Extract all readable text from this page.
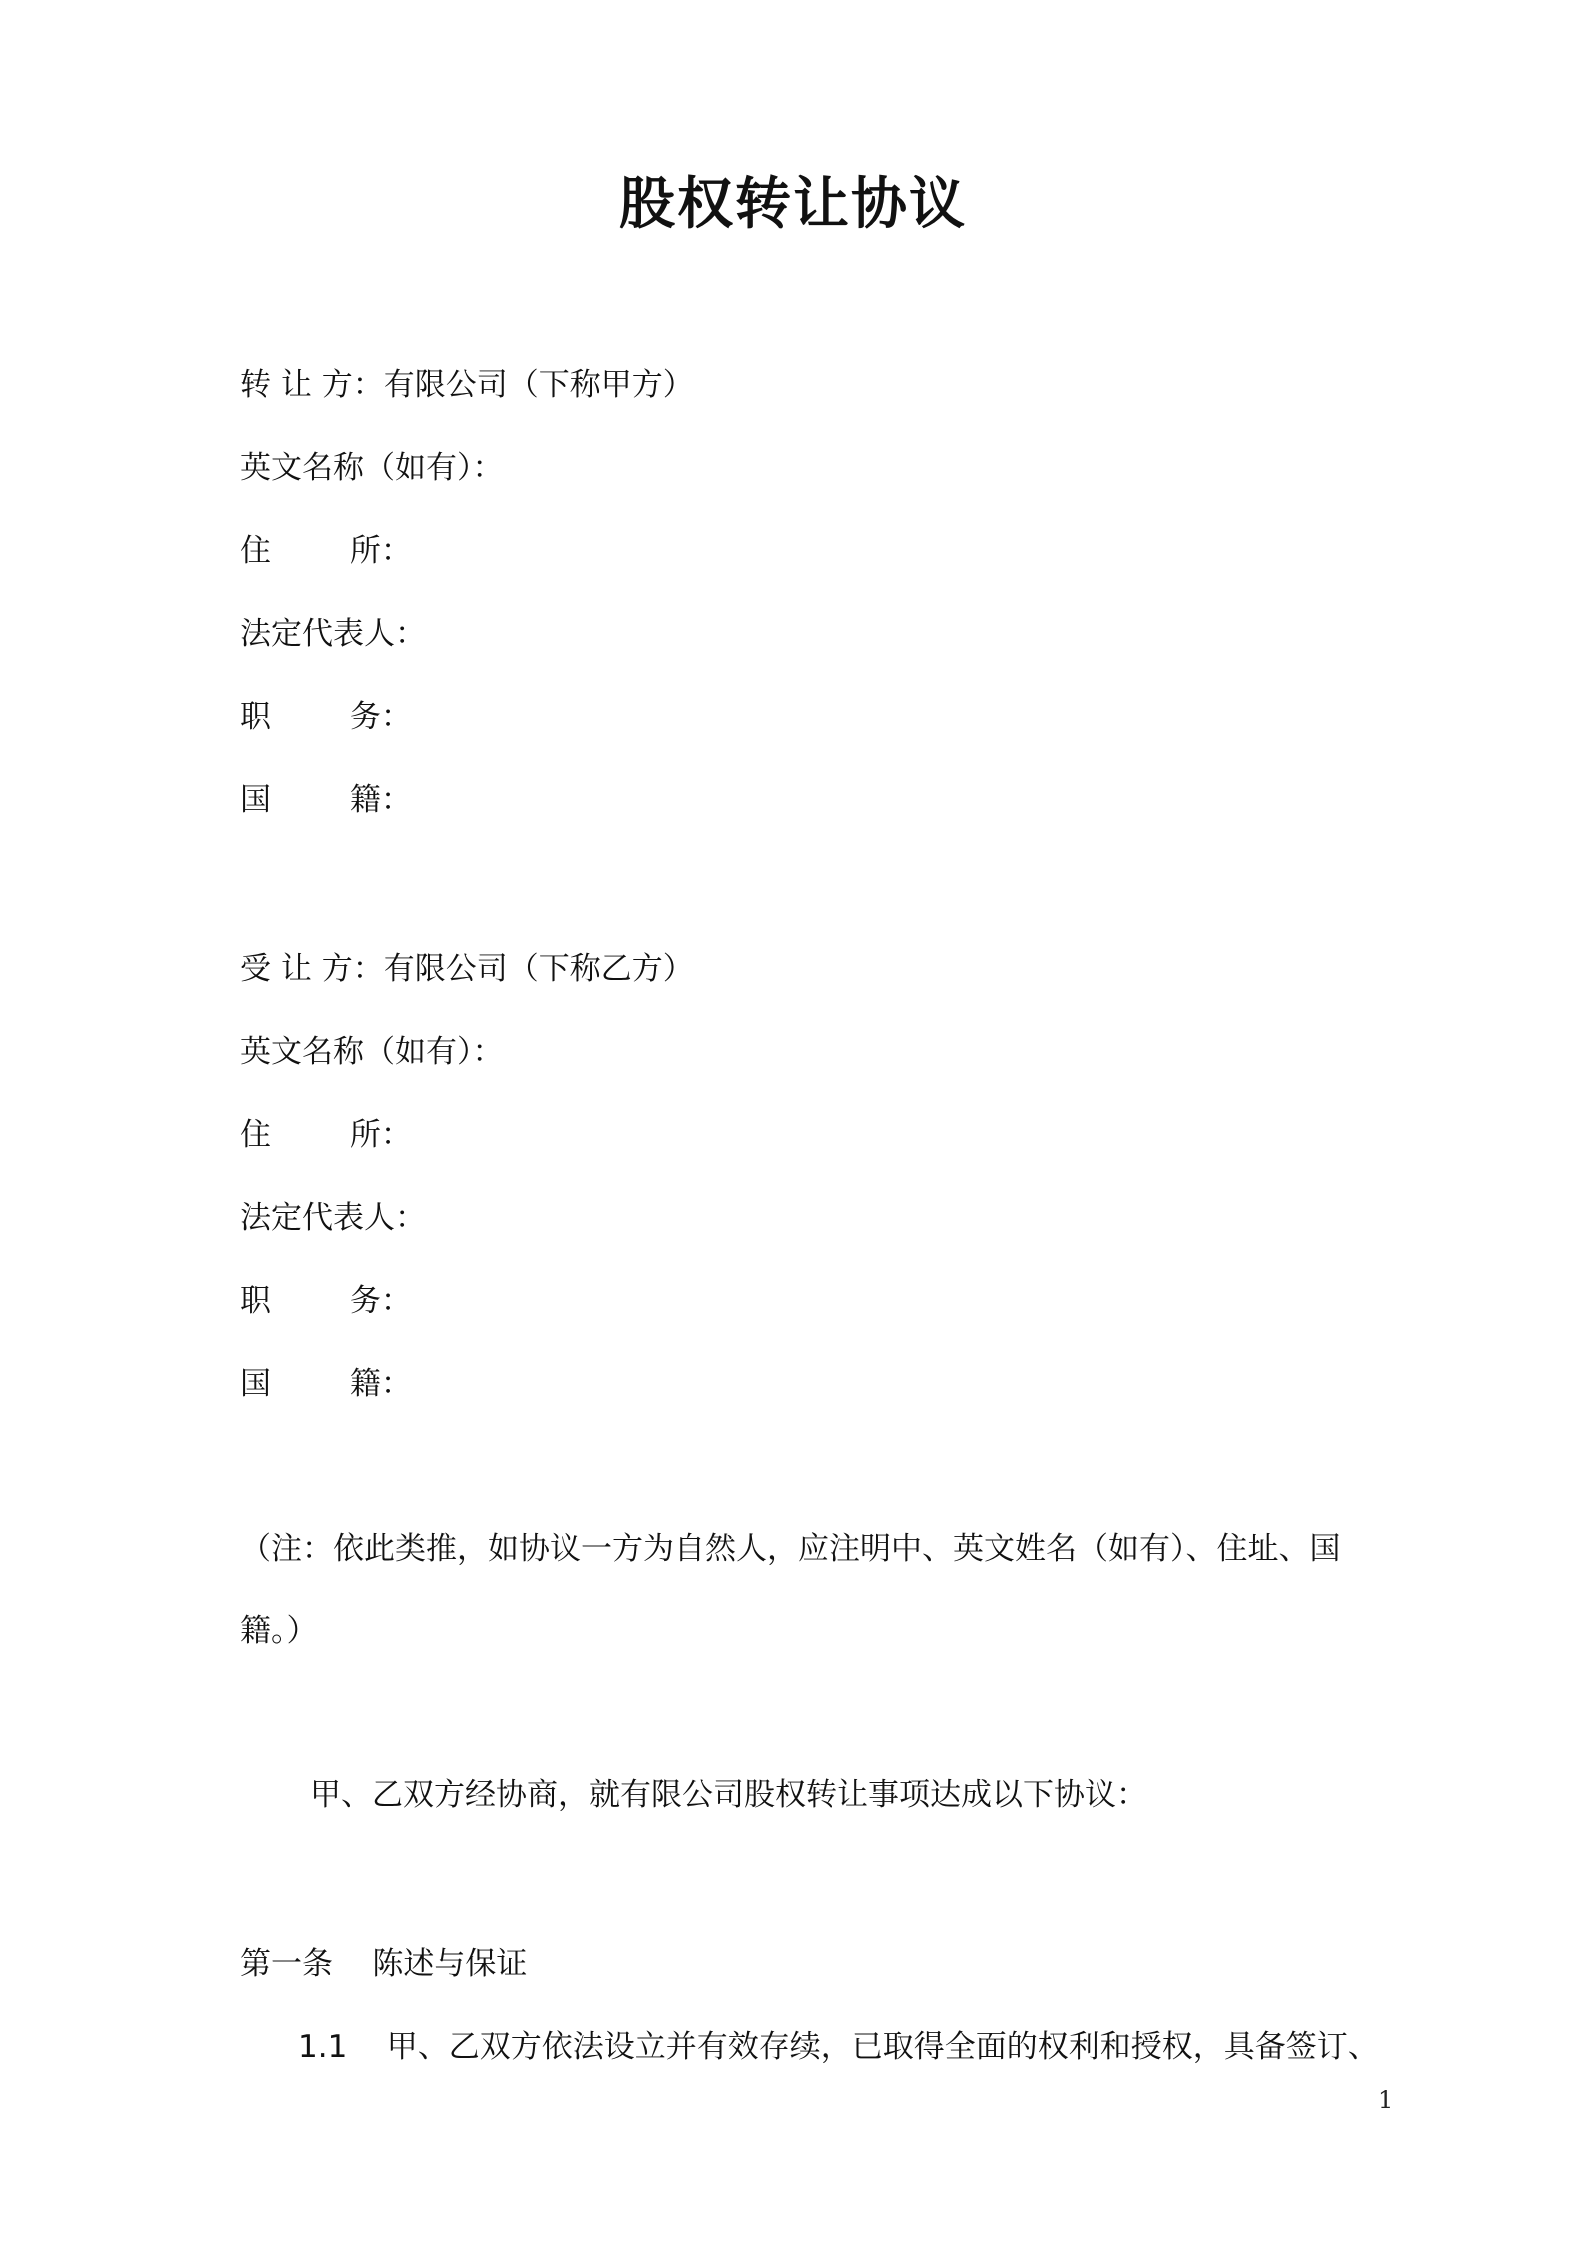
股权转让协议
转 让 方：有限公司（下称甲方）
英文名称（如有）：
住        所：
法定代表人：
职        务：
国        籍：
受 让 方：有限公司（下称乙方）
英文名称（如有）：
住        所：
法定代表人：
职        务：
国        籍：
（注：依此类推，如协议一方为自然人，应注明中、英文姓名（如有）、住址、国籍。）
甲、乙双方经协商，就有限公司股权转让事项达成以下协议：
第一条    陈述与保证
1.1    甲、乙双方依法设立并有效存续，已取得全面的权利和授权，具备签订、
1
